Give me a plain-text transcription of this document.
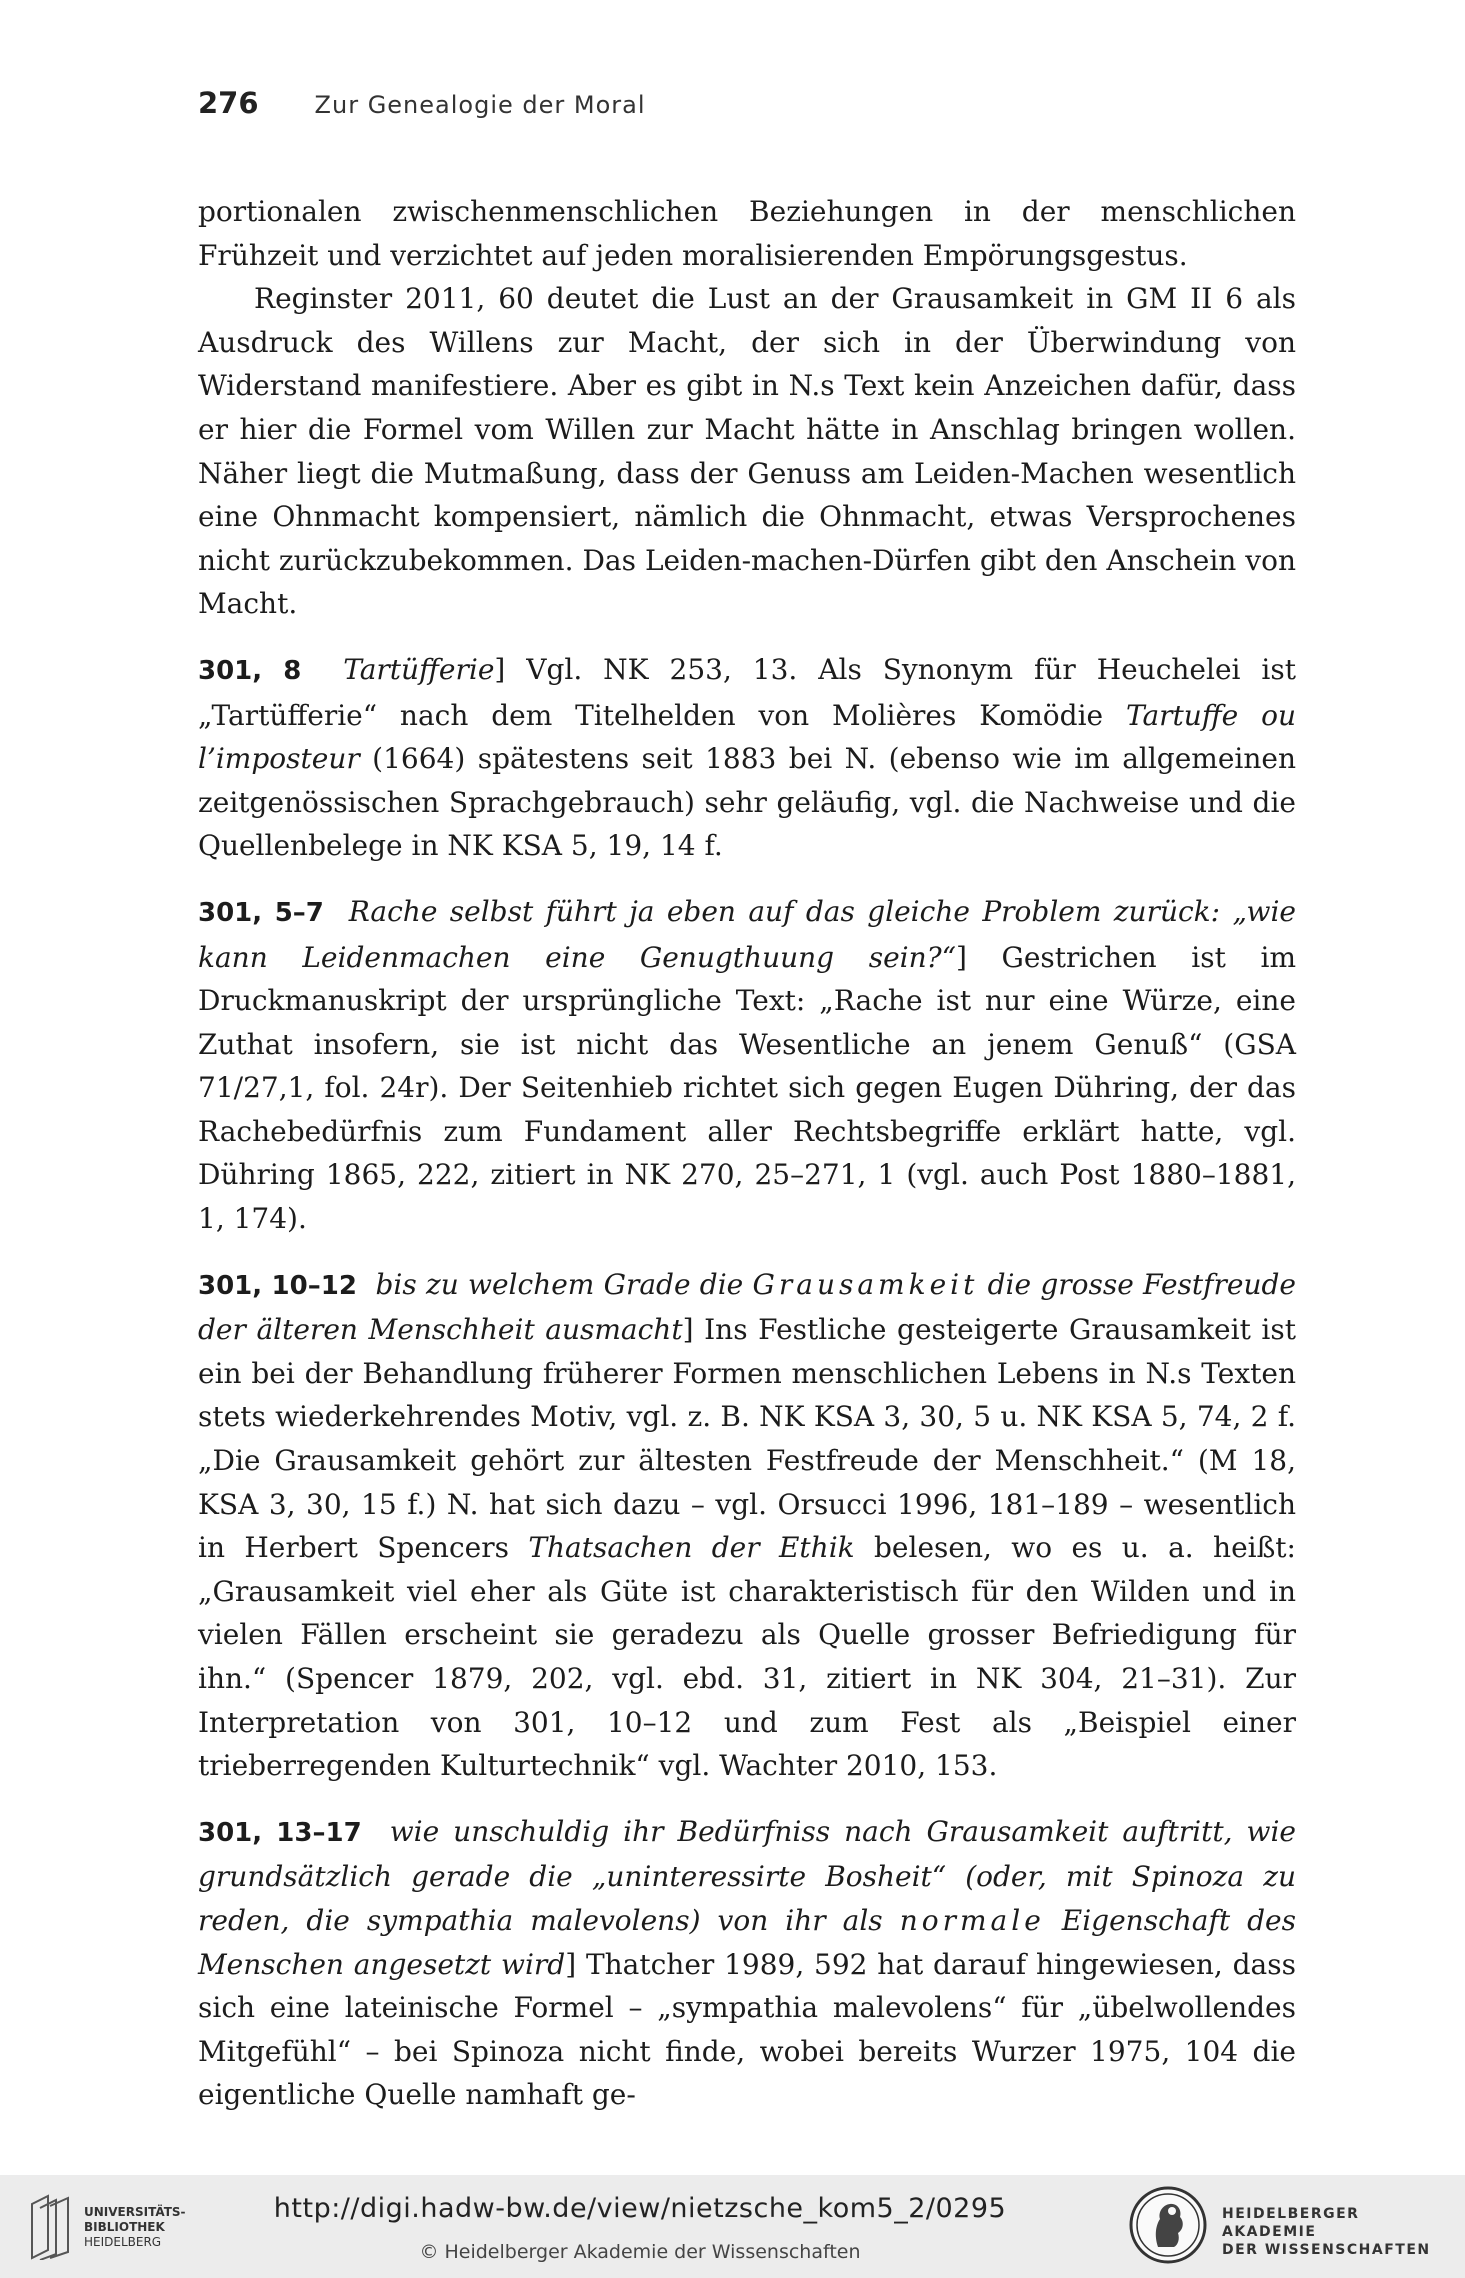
276 Zur Genealogie der Moral

portionalen zwischenmenschlichen Beziehungen in der menschlichen Frühzeit und verzichtet auf jeden moralisierenden Empörungsgestus.

Reginster 2011, 60 deutet die Lust an der Grausamkeit in GM II 6 als Ausdruck des Willens zur Macht, der sich in der Überwindung von Widerstand manifestiere. Aber es gibt in N.s Text kein Anzeichen dafür, dass er hier die Formel vom Willen zur Macht hätte in Anschlag bringen wollen. Näher liegt die Mutmaßung, dass der Genuss am Leiden-Machen wesentlich eine Ohnmacht kompensiert, nämlich die Ohnmacht, etwas Versprochenes nicht zurückzubekommen. Das Leiden-machen-Dürfen gibt den Anschein von Macht.

301, 8 Tartüfferie] Vgl. NK 253, 13. Als Synonym für Heuchelei ist „Tartüfferie“ nach dem Titelhelden von Molières Komödie Tartuffe ou l’imposteur (1664) spätestens seit 1883 bei N. (ebenso wie im allgemeinen zeitgenössischen Sprachgebrauch) sehr geläufig, vgl. die Nachweise und die Quellenbelege in NK KSA 5, 19, 14 f.

301, 5–7 Rache selbst führt ja eben auf das gleiche Problem zurück: „wie kann Leidenmachen eine Genugthuung sein?“] Gestrichen ist im Druckmanuskript der ursprüngliche Text: „Rache ist nur eine Würze, eine Zuthat insofern, sie ist nicht das Wesentliche an jenem Genuß“ (GSA 71/27,1, fol. 24r). Der Seitenhieb richtet sich gegen Eugen Dühring, der das Rachebedürfnis zum Fundament aller Rechtsbegriffe erklärt hatte, vgl. Dühring 1865, 222, zitiert in NK 270, 25–271, 1 (vgl. auch Post 1880–1881, 1, 174).

301, 10–12 bis zu welchem Grade die Grausamkeit die grosse Festfreude der älteren Menschheit ausmacht] Ins Festliche gesteigerte Grausamkeit ist ein bei der Behandlung früherer Formen menschlichen Lebens in N.s Texten stets wiederkehrendes Motiv, vgl. z. B. NK KSA 3, 30, 5 u. NK KSA 5, 74, 2 f. „Die Grausamkeit gehört zur ältesten Festfreude der Menschheit.“ (M 18, KSA 3, 30, 15 f.) N. hat sich dazu – vgl. Orsucci 1996, 181–189 – wesentlich in Herbert Spencers Thatsachen der Ethik belesen, wo es u. a. heißt: „Grausamkeit viel eher als Güte ist charakteristisch für den Wilden und in vielen Fällen erscheint sie geradezu als Quelle grosser Befriedigung für ihn.“ (Spencer 1879, 202, vgl. ebd. 31, zitiert in NK 304, 21–31). Zur Interpretation von 301, 10–12 und zum Fest als „Beispiel einer trieberregenden Kulturtechnik“ vgl. Wachter 2010, 153.

301, 13–17 wie unschuldig ihr Bedürfniss nach Grausamkeit auftritt, wie grundsätzlich gerade die „uninteressirte Bosheit“ (oder, mit Spinoza zu reden, die sympathia malevolens) von ihr als normale Eigenschaft des Menschen angesetzt wird] Thatcher 1989, 592 hat darauf hingewiesen, dass sich eine lateinische Formel – „sympathia malevolens“ für „übelwollendes Mitgefühl“ – bei Spinoza nicht finde, wobei bereits Wurzer 1975, 104 die eigentliche Quelle namhaft ge-

UNIVERSITÄTS-
BIBLIOTHEK
HEIDELBERG
http://digi.hadw-bw.de/view/nietzsche_kom5_2/0295
© Heidelberger Akademie der Wissenschaften
HEIDELBERGER AKADEMIE
DER WISSENSCHAFTEN
